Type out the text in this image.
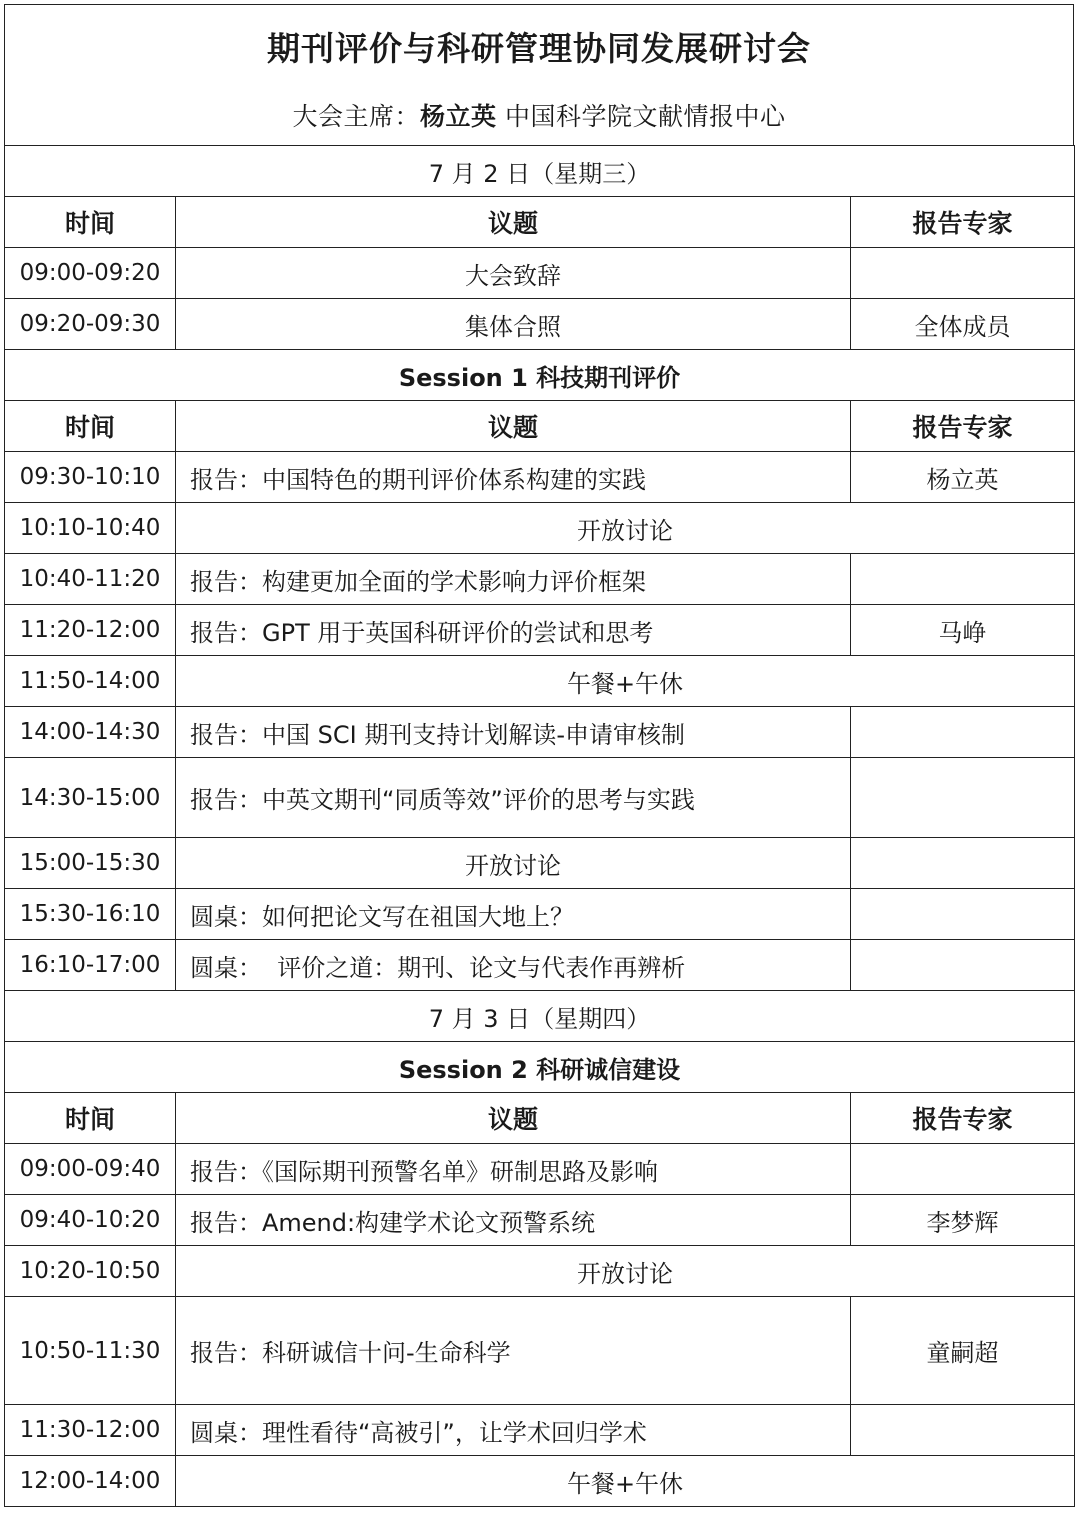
期刊评价与科研管理协同发展研讨会
大会主席：杨立英 中国科学院文献情报中心
7 月 2 日（星期三）		
时间	议题	报告专家
09:00-09:20	大会致辞	
09:20-09:30	集体合照	全体成员
Session 1 科技期刊评价		
时间	议题	报告专家
09:30-10:10	报告：中国特色的期刊评价体系构建的实践	杨立英
10:10-10:40	开放讨论	
10:40-11:20	报告：构建更加全面的学术影响力评价框架	
11:20-12:00	报告：GPT 用于英国科研评价的尝试和思考	马峥
11:50-14:00	午餐+午休	
14:00-14:30	报告：中国 SCI 期刊支持计划解读-申请审核制	
14:30-15:00	报告：中英文期刊“同质等效”评价的思考与实践	
15:00-15:30	开放讨论	
15:30-16:10	圆桌：如何把论文写在祖国大地上？	
16:10-17:00	圆桌：  评价之道：期刊、论文与代表作再辨析	
7 月 3 日（星期四）		
Session 2 科研诚信建设		
时间	议题	报告专家
09:00-09:40	报告：《国际期刊预警名单》研制思路及影响	
09:40-10:20	报告：Amend:构建学术论文预警系统	李梦辉
10:20-10:50	开放讨论	
10:50-11:30	报告：科研诚信十问-生命科学	童嗣超
11:30-12:00	圆桌：理性看待“高被引”，让学术回归学术	
12:00-14:00	午餐+午休	
